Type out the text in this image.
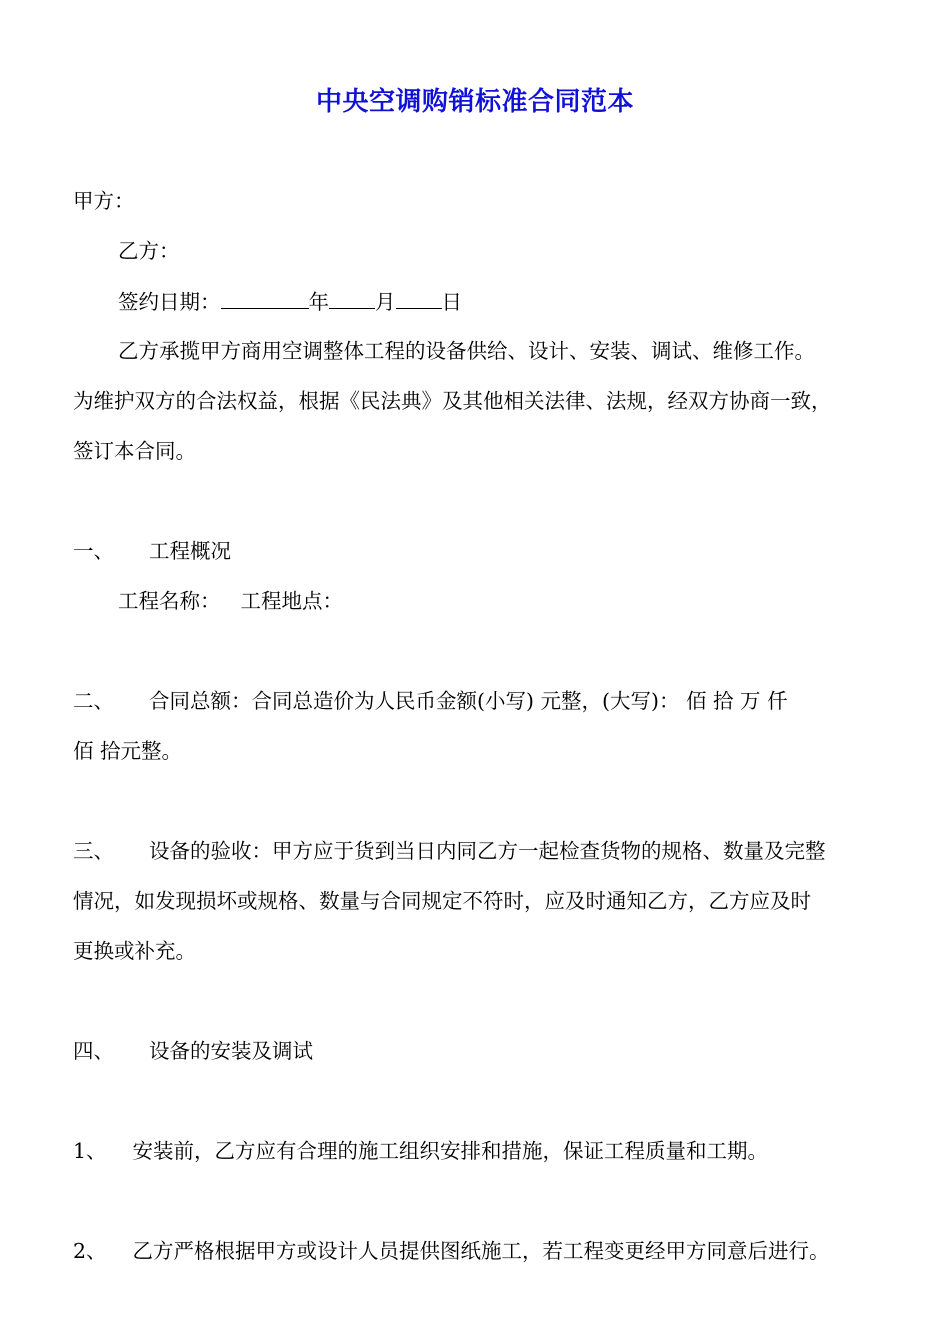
中央空调购销标准合同范本
甲方：
乙方：
签约日期：	年 月 日
乙方承揽甲方商用空调整体工程的设备供给、设计、安装、调试、维修工作。
为维护双方的合法权益，根据《民法典》及其他相关法律、法规，经双方协商一致，
签订本合同。
一、 工程概况
工程名称： 工程地点：
二、 合同总额：合同总造价为人民币金额(小写) 元整，(大写)： 佰 拾 万 仟
佰 拾元整。
三、 设备的验收：甲方应于货到当日内同乙方一起检查货物的规格、数量及完整
情况，如发现损坏或规格、数量与合同规定不符时，应及时通知乙方，乙方应及时
更换或补充。
四、 设备的安装及调试
1、 安装前，乙方应有合理的施工组织安排和措施，保证工程质量和工期。
2、 乙方严格根据甲方或设计人员提供图纸施工，若工程变更经甲方同意后进行。
